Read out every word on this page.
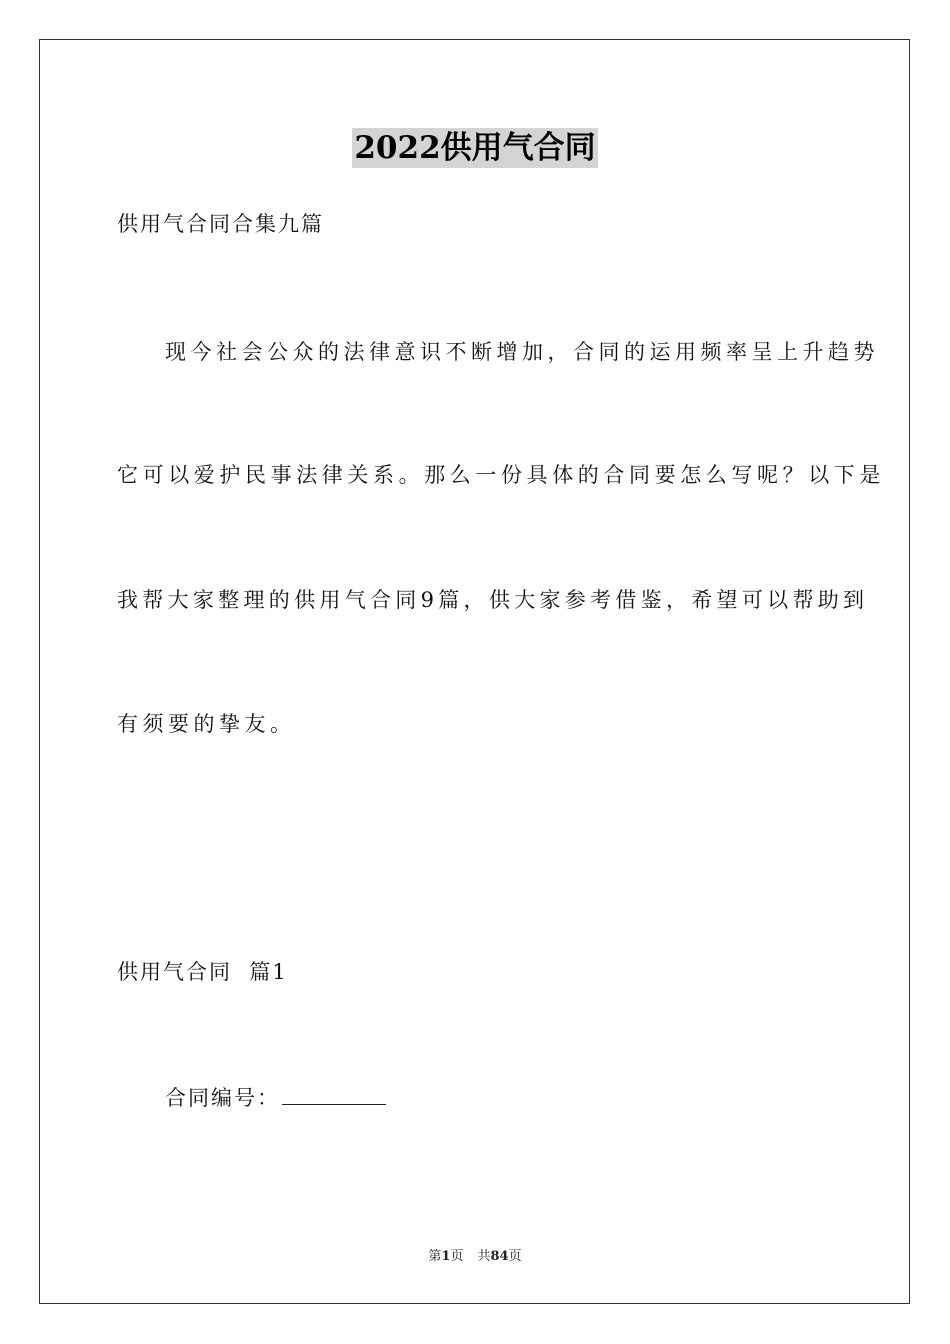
2022供用气合同

供用气合同合集九篇

现今社会公众的法律意识不断增加，合同的运用频率呈上升趋势

它可以爱护民事法律关系。那么一份具体的合同要怎么写呢？以下是

我帮大家整理的供用气合同9篇，供大家参考借鉴，希望可以帮助到

有须要的挚友。

供用气合同  篇1

合同编号：

第1页 共84页
